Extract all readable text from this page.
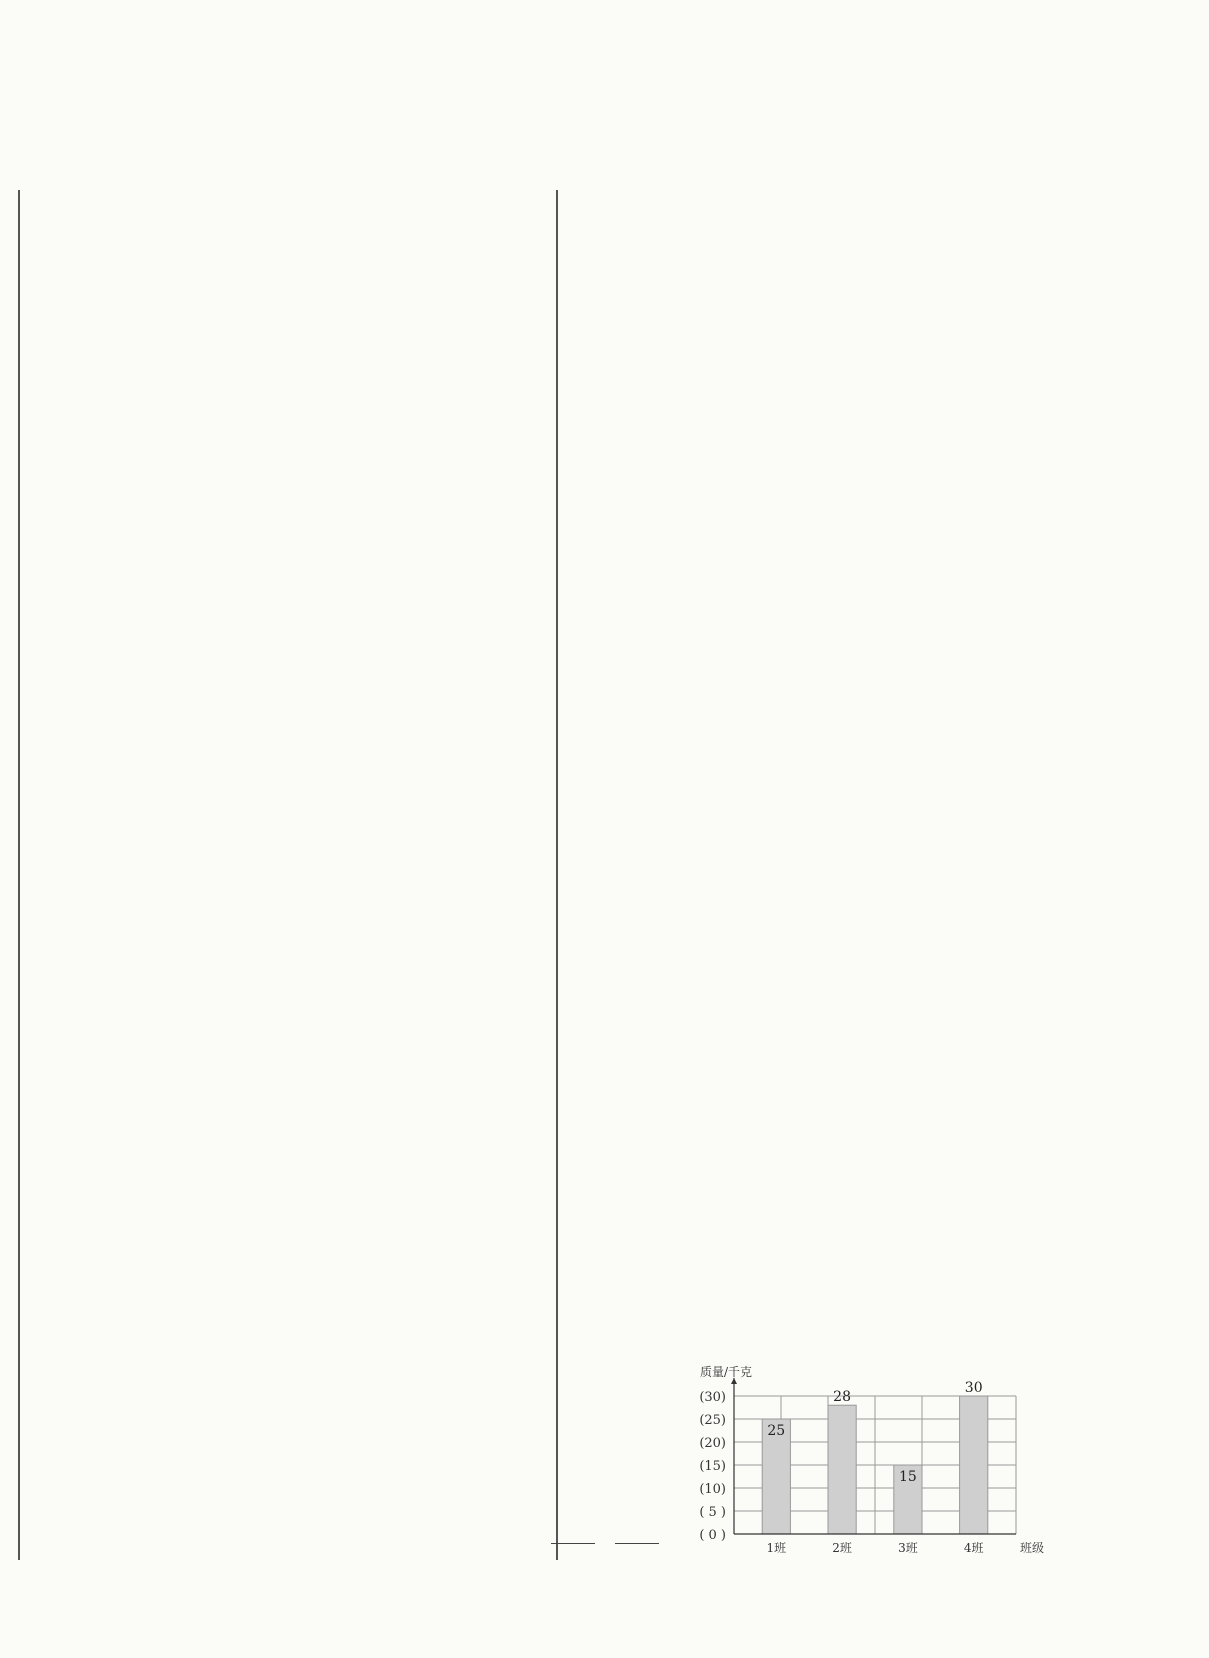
25
1班
28
2班
15
3班
30
4班
( 0 )
( 5 )
(10)
(15)
(20)
(25)
(30)
班级
质量/千克
